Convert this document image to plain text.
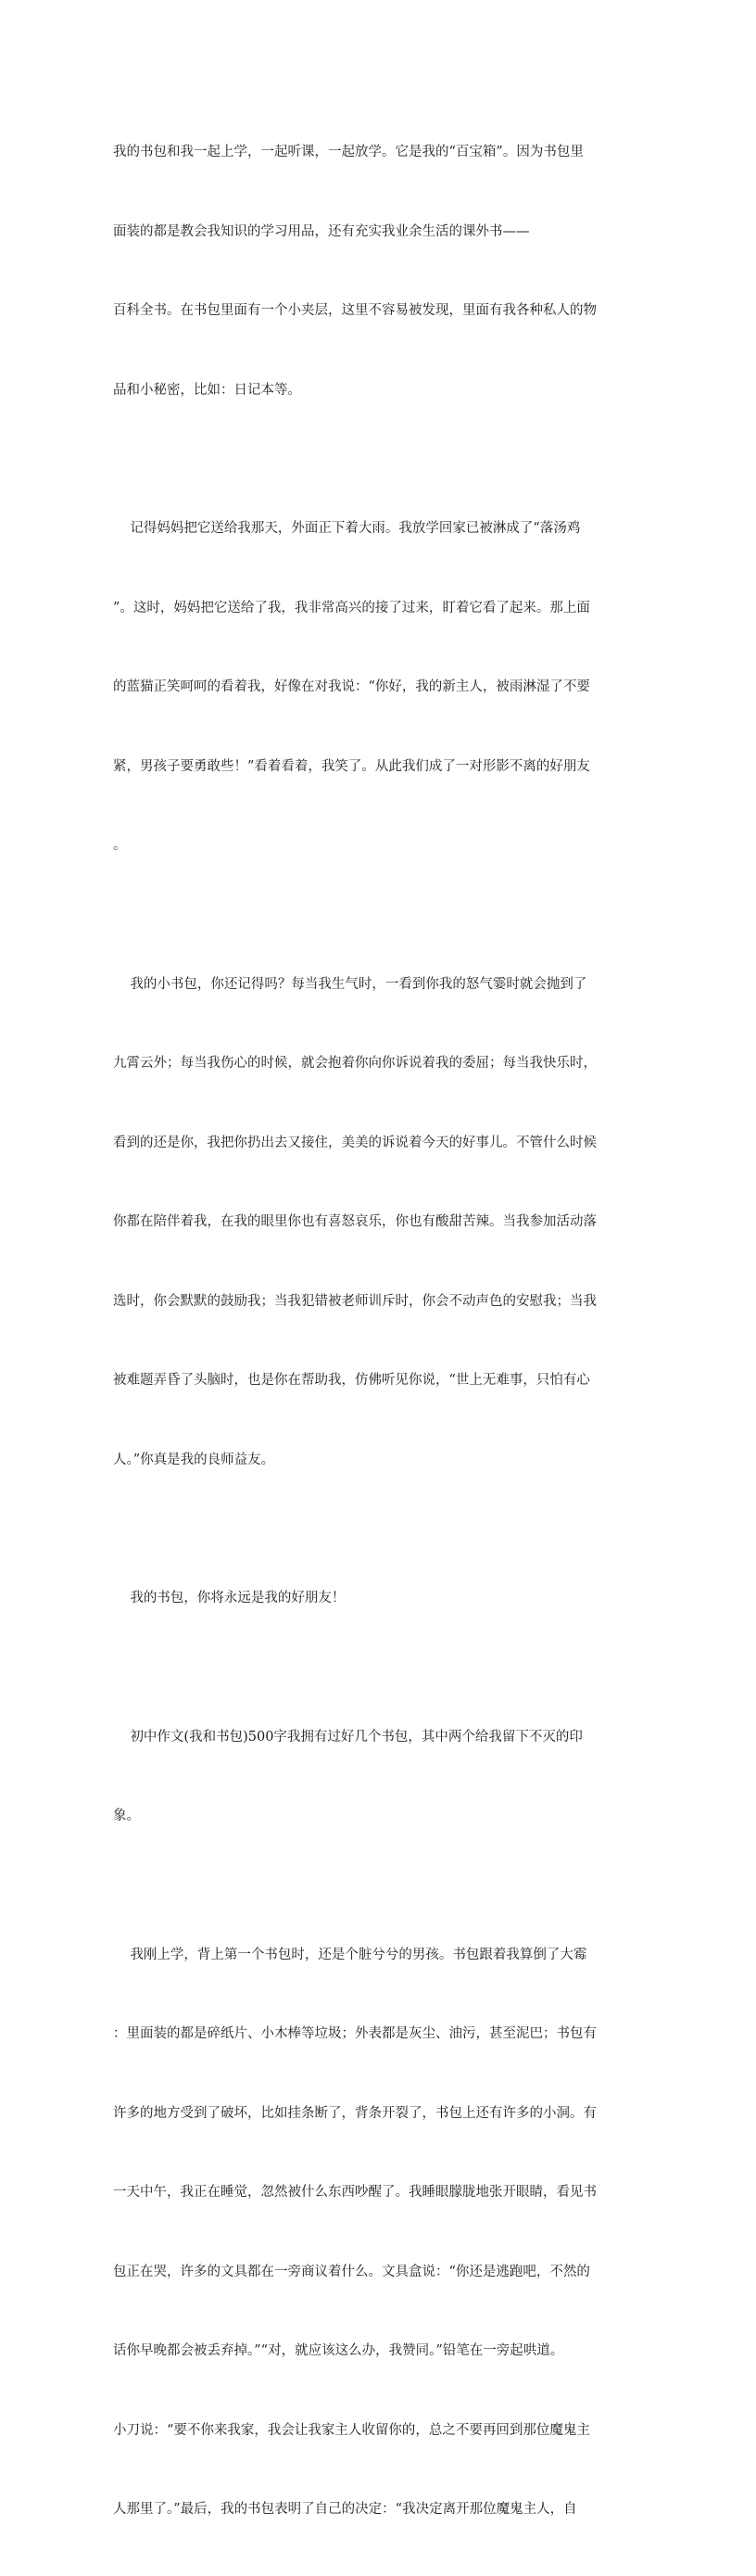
我的书包和我一起上学，一起听课，一起放学。它是我的“百宝箱”。因为书包里

面装的都是教会我知识的学习用品，还有充实我业余生活的课外书——

百科全书。在书包里面有一个小夹层，这里不容易被发现，里面有我各种私人的物

品和小秘密，比如：日记本等。

记得妈妈把它送给我那天，外面正下着大雨。我放学回家已被淋成了“落汤鸡

”。这时，妈妈把它送给了我，我非常高兴的接了过来，盯着它看了起来。那上面

的蓝猫正笑呵呵的看着我，好像在对我说：“你好，我的新主人，被雨淋湿了不要

紧，男孩子要勇敢些！”看着看着，我笑了。从此我们成了一对形影不离的好朋友

。

我的小书包，你还记得吗？每当我生气时，一看到你我的怒气霎时就会抛到了

九霄云外；每当我伤心的时候，就会抱着你向你诉说着我的委屈；每当我快乐时，

看到的还是你，我把你扔出去又接住，美美的诉说着今天的好事儿。不管什么时候

你都在陪伴着我，在我的眼里你也有喜怒哀乐，你也有酸甜苦辣。当我参加活动落

选时，你会默默的鼓励我；当我犯错被老师训斥时，你会不动声色的安慰我；当我

被难题弄昏了头脑时，也是你在帮助我，仿佛听见你说，“世上无难事，只怕有心

人。”你真是我的良师益友。

我的书包，你将永远是我的好朋友！

初中作文(我和书包)500字我拥有过好几个书包，其中两个给我留下不灭的印

象。

我刚上学，背上第一个书包时，还是个脏兮兮的男孩。书包跟着我算倒了大霉

：里面装的都是碎纸片、小木棒等垃圾；外表都是灰尘、油污，甚至泥巴；书包有

许多的地方受到了破坏，比如挂条断了，背条开裂了，书包上还有许多的小洞。有

一天中午，我正在睡觉，忽然被什么东西吵醒了。我睡眼朦胧地张开眼睛，看见书

包正在哭，许多的文具都在一旁商议着什么。文具盒说：“你还是逃跑吧，不然的

话你早晚都会被丢弃掉。”“对，就应该这么办，我赞同。”铅笔在一旁起哄道。

小刀说：“要不你来我家，我会让我家主人收留你的，总之不要再回到那位魔鬼主

人那里了。”最后，我的书包表明了自己的决定：“我决定离开那位魔鬼主人，自
